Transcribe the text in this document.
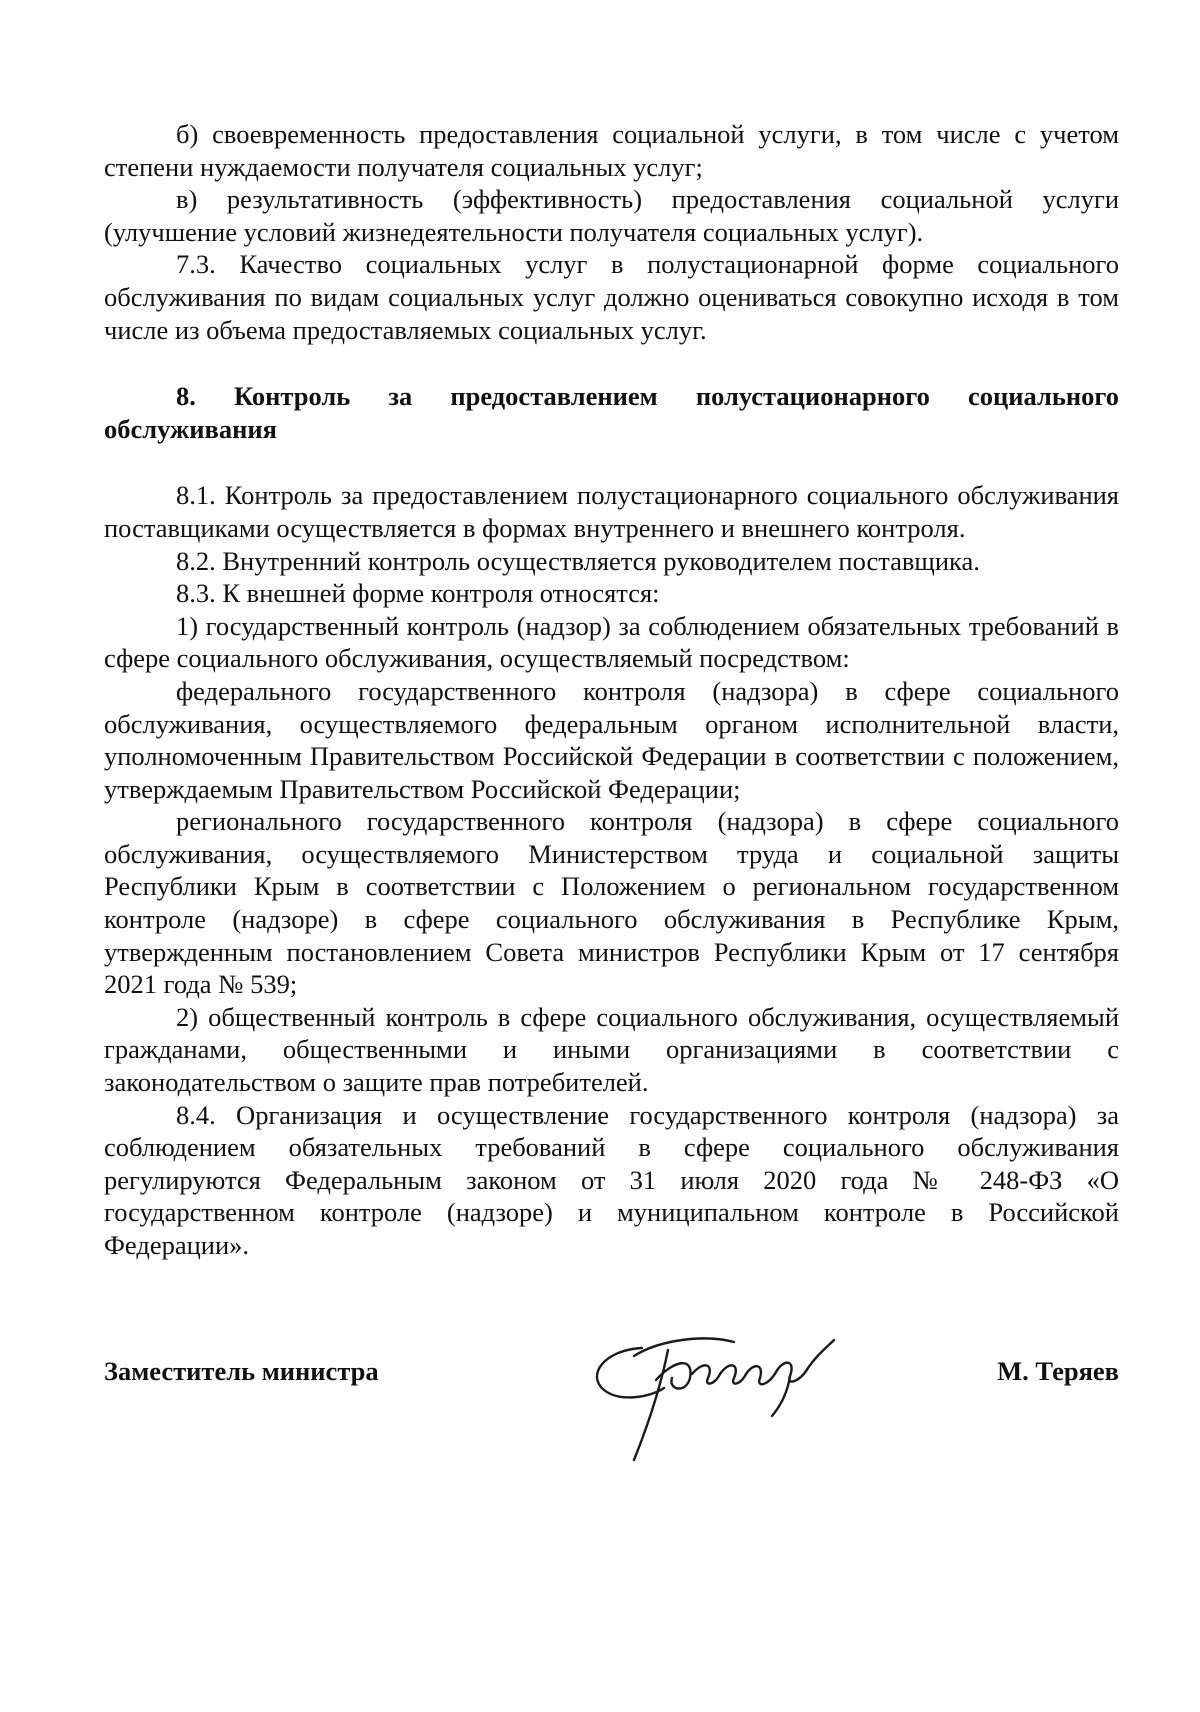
б) своевременность предоставления социальной услуги, в том числе с учетом степени нуждаемости получателя социальных услуг;

в) результативность (эффективность) предоставления социальной услуги (улучшение условий жизнедеятельности получателя социальных услуг).

7.3. Качество социальных услуг в полустационарной форме социального обслуживания по видам социальных услуг должно оцениваться совокупно исходя в том числе из объема предоставляемых социальных услуг.

8. Контроль за предоставлением полустационарного социального обслуживания

8.1. Контроль за предоставлением полустационарного социального обслуживания поставщиками осуществляется в формах внутреннего и внешнего контроля.

8.2. Внутренний контроль осуществляется руководителем поставщика.

8.3. К внешней форме контроля относятся:

1) государственный контроль (надзор) за соблюдением обязательных требований в сфере социального обслуживания, осуществляемый посредством:

федерального государственного контроля (надзора) в сфере социального обслуживания, осуществляемого федеральным органом исполнительной власти, уполномоченным Правительством Российской Федерации в соответствии с положением, утверждаемым Правительством Российской Федерации;

регионального государственного контроля (надзора) в сфере социального обслуживания, осуществляемого Министерством труда и социальной защиты Республики Крым в соответствии с Положением о региональном государственном контроле (надзоре) в сфере социального обслуживания в Республике Крым, утвержденным постановлением Совета министров Республики Крым от 17 сентября 2021 года № 539;

2) общественный контроль в сфере социального обслуживания, осуществляемый гражданами, общественными и иными организациями в соответствии с законодательством о защите прав потребителей.

8.4. Организация и осуществление государственного контроля (надзора) за соблюдением обязательных требований в сфере социального обслуживания регулируются Федеральным законом от 31 июля 2020 года № 248-ФЗ «О государственном контроле (надзоре) и муниципальном контроле в Российской Федерации».

Заместитель министра	М. Теряев
